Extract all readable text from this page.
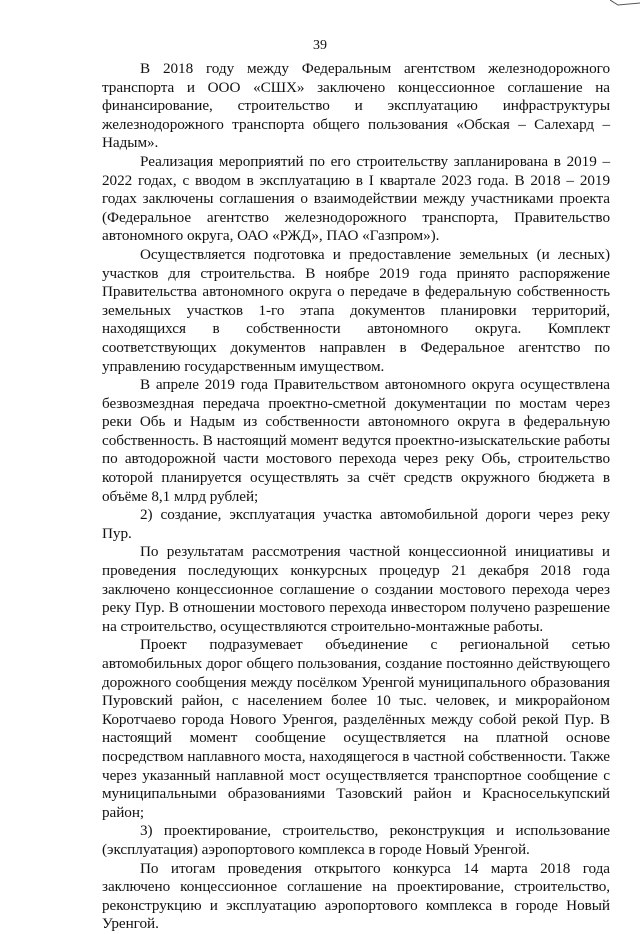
39

В 2018 году между Федеральным агентством железнодорожного транспорта и ООО «СШХ» заключено концессионное соглашение на финансирование, строительство и эксплуатацию инфраструктуры железнодорожного транспорта общего пользования «Обская – Салехард – Надым».

Реализация мероприятий по его строительству запланирована в 2019 – 2022 годах, с вводом в эксплуатацию в I квартале 2023 года. В 2018 – 2019 годах заключены соглашения о взаимодействии между участниками проекта (Федеральное агентство железнодорожного транспорта, Правительство автономного округа, ОАО «РЖД», ПАО «Газпром»).

Осуществляется подготовка и предоставление земельных (и лесных) участков для строительства. В ноябре 2019 года принято распоряжение Правительства автономного округа о передаче в федеральную собственность земельных участков 1-го этапа документов планировки территорий, находящихся в собственности автономного округа. Комплект соответствующих документов направлен в Федеральное агентство по управлению государственным имуществом.

В апреле 2019 года Правительством автономного округа осуществлена безвозмездная передача проектно-сметной документации по мостам через реки Обь и Надым из собственности автономного округа в федеральную собственность. В настоящий момент ведутся проектно-изыскательские работы по автодорожной части мостового перехода через реку Обь, строительство которой планируется осуществлять за счёт средств окружного бюджета в объёме 8,1 млрд рублей;

2) создание, эксплуатация участка автомобильной дороги через реку Пур.

По результатам рассмотрения частной концессионной инициативы и проведения последующих конкурсных процедур 21 декабря 2018 года заключено концессионное соглашение о создании мостового перехода через реку Пур. В отношении мостового перехода инвестором получено разрешение на строительство, осуществляются строительно-монтажные работы.

Проект подразумевает объединение с региональной сетью автомобильных дорог общего пользования, создание постоянно действующего дорожного сообщения между посёлком Уренгой муниципального образования Пуровский район, с населением более 10 тыс. человек, и микрорайоном Коротчаево города Нового Уренгоя, разделённых между собой рекой Пур. В настоящий момент сообщение осуществляется на платной основе посредством наплавного моста, находящегося в частной собственности. Также через указанный наплавной мост осуществляется транспортное сообщение с муниципальными образованиями Тазовский район и Красноселькупский район;

3) проектирование, строительство, реконструкция и использование (эксплуатация) аэропортового комплекса в городе Новый Уренгой.

По итогам проведения открытого конкурса 14 марта 2018 года заключено концессионное соглашение на проектирование, строительство, реконструкцию и эксплуатацию аэропортового комплекса в городе Новый Уренгой.
